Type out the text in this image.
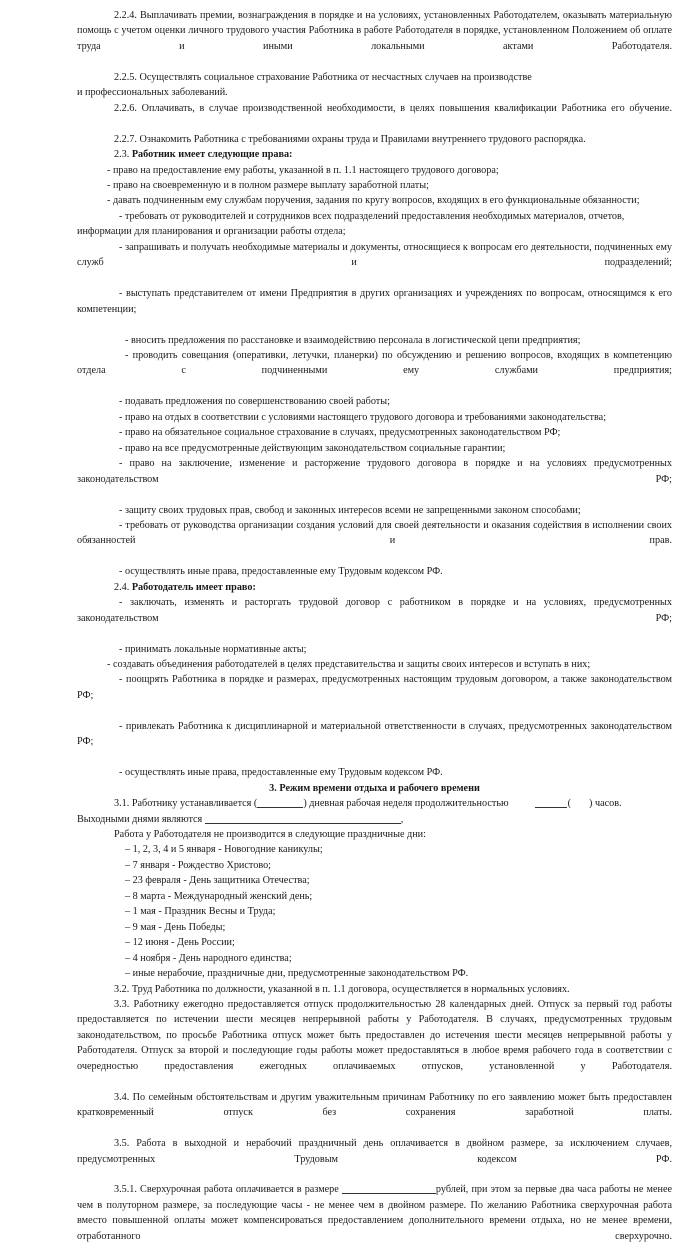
2.2.4. Выплачивать премии, вознаграждения в порядке и на условиях, установленных Работодателем, оказывать материальную помощь с учетом оценки личного трудового участия Работника в работе Работодателя в порядке, установленном Положением об оплате труда и иными локальными актами Работодателя.

2.2.5. Осуществлять социальное страхование Работника от несчастных случаев на производстве

и профессиональных заболеваний.

2.2.6. Оплачивать, в случае производственной необходимости, в целях повышения квалификации Работника его обучение.

2.2.7. Ознакомить Работника с требованиями охраны труда и Правилами внутреннего трудового распорядка.

2.3. Работник имеет следующие права:

- право на предоставление ему работы, указанной в п. 1.1 настоящего трудового договора;

- право на своевременную и в полном размере выплату заработной платы;

- давать подчиненным ему службам поручения, задания по кругу вопросов, входящих в его функциональные обязанности;

- требовать от руководителей и сотрудников всех подразделений предоставления необходимых материалов, отчетов, информации для планирования и организации работы отдела;

- запрашивать и получать необходимые материалы и документы, относящиеся к вопросам его деятельности, подчиненных ему служб и подразделений;

- выступать представителем от имени Предприятия в других организациях и учреждениях по вопросам, относящимся к его компетенции;

- вносить предложения по расстановке и взаимодействию персонала в логистической цепи предприятия;

- проводить совещания (оперативки, летучки, планерки) по обсуждению и решению вопросов, входящих в компетенцию отдела с подчиненными ему службами предприятия;

- подавать предложения по совершенствованию своей работы;

- право на отдых в соответствии с условиями настоящего трудового договора и требованиями законодательства;

- право на обязательное социальное страхование в случаях, предусмотренных законодательством РФ;

- право на все предусмотренные действующим законодательством социальные гарантии;

- право на заключение, изменение и расторжение трудового договора в порядке и на условиях предусмотренных законодательством РФ;

- защиту своих трудовых прав, свобод и законных интересов всеми не запрещенными законом способами;

- требовать от руководства организации создания условий для своей деятельности и оказания содействия в исполнении своих обязанностей и прав.

- осуществлять иные права, предоставленные ему Трудовым кодексом РФ.

2.4. Работодатель имеет право:

- заключать, изменять и расторгать трудовой договор с работником в порядке и на условиях, предусмотренных законодательством РФ;

- принимать локальные нормативные акты;

- создавать объединения работодателей в целях представительства и защиты своих интересов и вступать в них;

- поощрять Работника в порядке и размерах, предусмотренных настоящим трудовым договором, а также законодательством РФ;

- привлекать Работника к дисциплинарной и материальной ответственности в случаях, предусмотренных законодательством РФ;

- осуществлять иные права, предоставленные ему Трудовым кодексом РФ.

3. Режим времени отдыха и рабочего времени

3.1. Работнику устанавливается (	) дневная рабочая неделя продолжительностью	( ) часов.

Выходными днями являются	,

Работа у Работодателя не производится в следующие праздничные дни:

– 1, 2, 3, 4 и 5 января - Новогодние каникулы;

– 7 января - Рождество Христово;

– 23 февраля - День защитника Отечества;

– 8 марта - Международный женский день;

– 1 мая - Праздник Весны и Труда;

– 9 мая - День Победы;

– 12 июня - День России;

– 4 ноября - День народного единства;

– иные нерабочие, праздничные дни, предусмотренные законодательством РФ.

3.2. Труд Работника по должности, указанной в п. 1.1 договора, осуществляется в нормальных условиях.

3.3. Работнику ежегодно предоставляется отпуск продолжительностью 28 календарных дней. Отпуск за первый год работы предоставляется по истечении шести месяцев непрерывной работы у Работодателя. В случаях, предусмотренных трудовым законодательством, по просьбе Работника отпуск может быть предоставлен до истечения шести месяцев непрерывной работы у Работодателя. Отпуск за второй и последующие годы работы может предоставляться в любое время рабочего года в соответствии с очередностью предоставления ежегодных оплачиваемых отпусков, установленной у Работодателя.

3.4. По семейным обстоятельствам и другим уважительным причинам Работнику по его заявлению может быть предоставлен кратковременный отпуск без сохранения заработной платы.

3.5. Работа в выходной и нерабочий праздничный день оплачивается в двойном размере, за исключением случаев, предусмотренных Трудовым кодексом РФ.

3.5.1. Сверхурочная работа оплачивается в размере	рублей, при этом за первые два часа работы не менее чем в полуторном размере, за последующие часы - не менее чем в двойном размере. По желанию Работника сверхурочная работа вместо повышенной оплаты может компенсироваться предоставлением дополнительного времени отдыха, но не менее времени, отработанного сверхурочно.
